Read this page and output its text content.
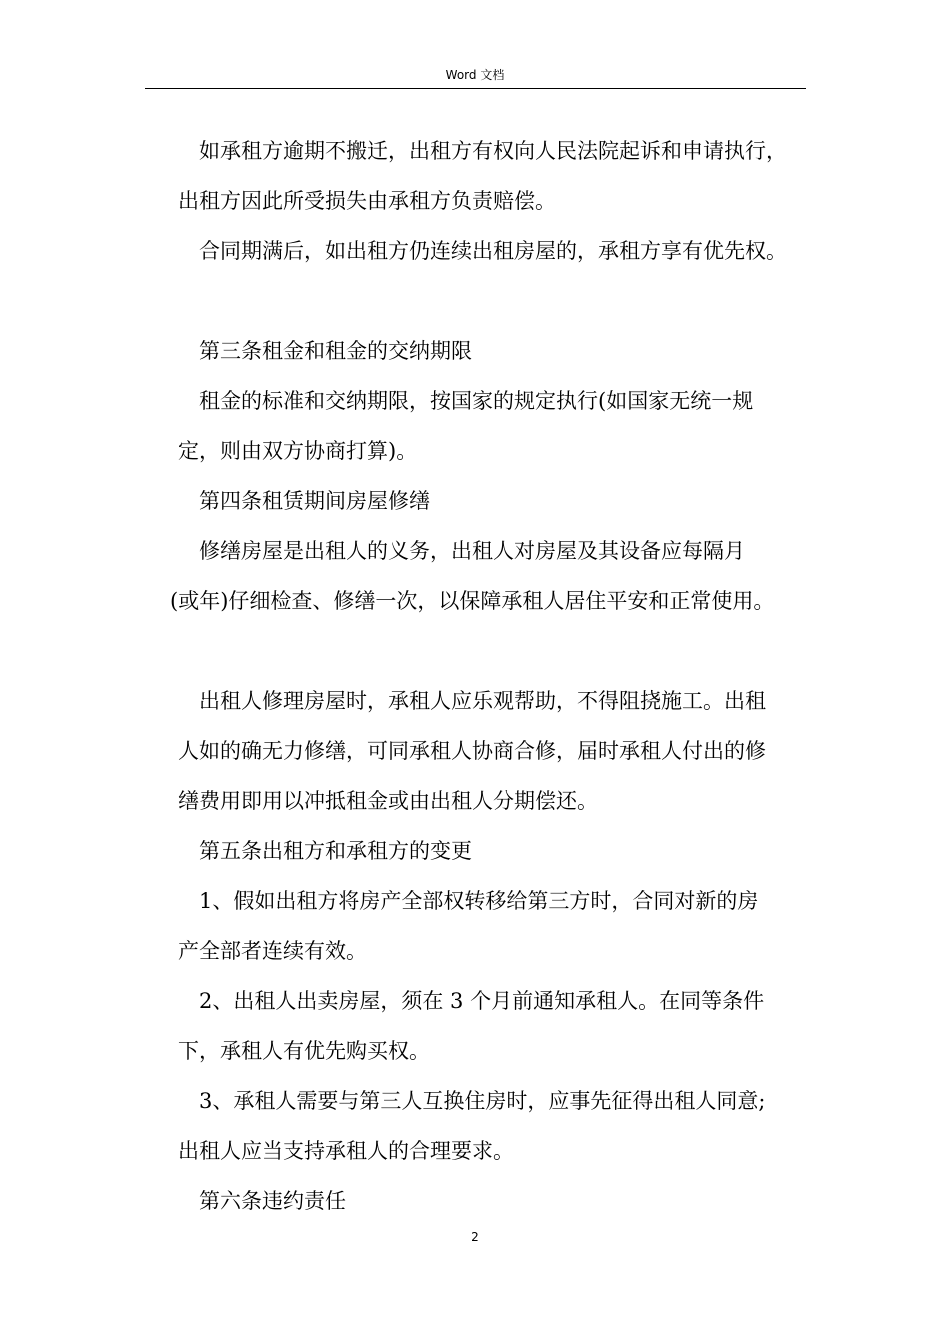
Word 文档

如承租方逾期不搬迁，出租方有权向人民法院起诉和申请执行，

出租方因此所受损失由承租方负责赔偿。

合同期满后，如出租方仍连续出租房屋的，承租方享有优先权。

第三条租金和租金的交纳期限

租金的标准和交纳期限，按国家的规定执行(如国家无统一规

定，则由双方协商打算)。

第四条租赁期间房屋修缮

修缮房屋是出租人的义务，出租人对房屋及其设备应每隔月

(或年)仔细检查、修缮一次，以保障承租人居住平安和正常使用。

出租人修理房屋时，承租人应乐观帮助，不得阻挠施工。出租

人如的确无力修缮，可同承租人协商合修，届时承租人付出的修

缮费用即用以冲抵租金或由出租人分期偿还。

第五条出租方和承租方的变更

1、假如出租方将房产全部权转移给第三方时，合同对新的房

产全部者连续有效。

2、出租人出卖房屋，须在 3 个月前通知承租人。在同等条件

下，承租人有优先购买权。

3、承租人需要与第三人互换住房时，应事先征得出租人同意;

出租人应当支持承租人的合理要求。

第六条违约责任

2
